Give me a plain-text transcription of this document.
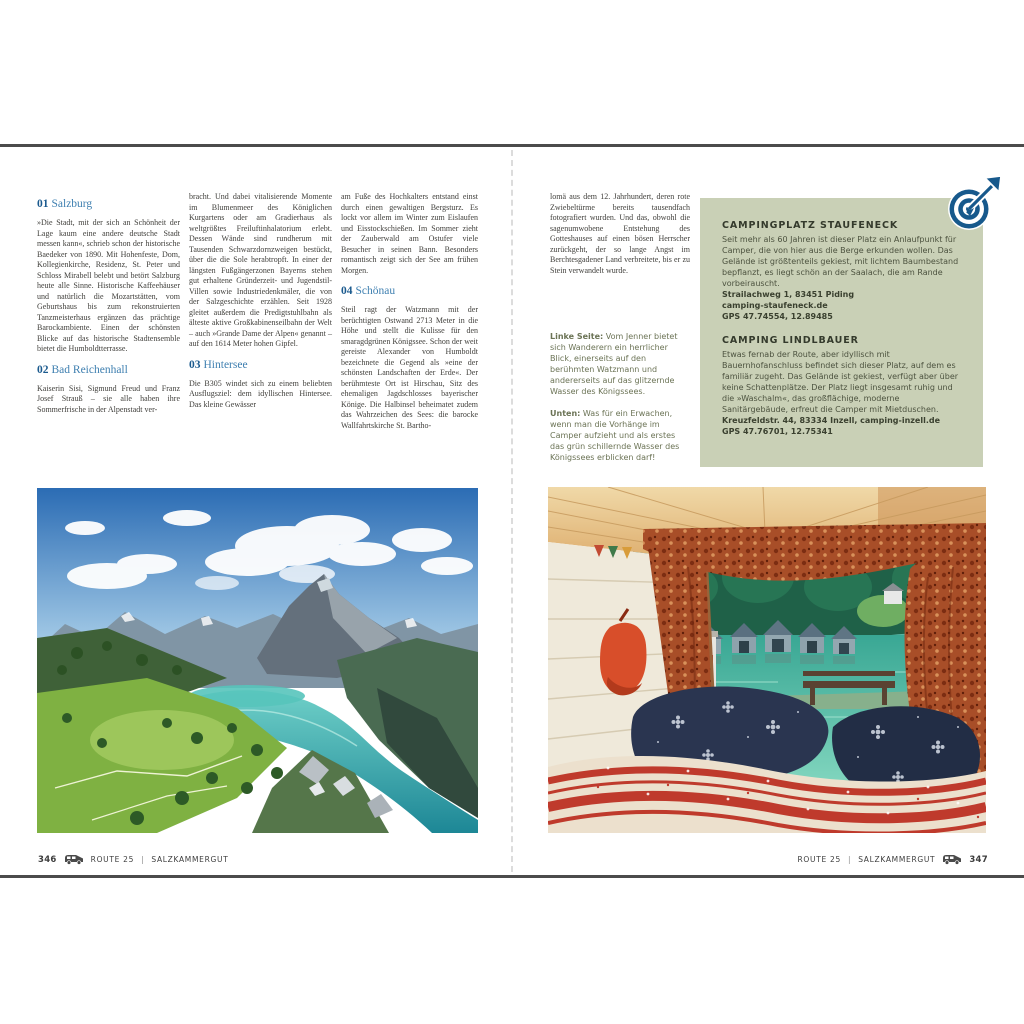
01 Salzburg

»Die Stadt, mit der sich an Schönheit der Lage kaum eine andere deutsche Stadt messen kann«, schrieb schon der historische Baedeker von 1890. Mit Hohenfeste, Dom, Kollegienkirche, Residenz, St. Peter und Schloss Mirabell belebt und betört Salzburg heute alle Sinne. Historische Kaffeehäuser und natürlich die Mozartstätten, vom Geburtshaus bis zum rekonstruierten Tanzmeisterhaus ergänzen das prächtige Barockambiente. Einen der schönsten Blicke auf das historische Stadtensemble bietet die Humboldtterrasse.

02 Bad Reichenhall

Kaiserin Sisi, Sigmund Freud und Franz Josef Strauß – sie alle haben ihre Sommerfrische in der Alpenstadt ver-

bracht. Und dabei vitalisierende Momente im Blumenmeer des Königlichen Kurgartens oder am Gradierhaus als weltgrößtes Freiluftinhalatorium erlebt. Dessen Wände sind rundherum mit Tausenden Schwarzdornzweigen bestückt, über die die Sole herabtropft. In einer der längsten Fußgängerzonen Bayerns stehen gut erhaltene Gründerzeit- und Jugendstil-Villen sowie Industriedenkmäler, die von der Salzgeschichte erzählen. Seit 1928 gleitet außerdem die Predigtstuhlbahn als älteste aktive Großkabinenseilbahn der Welt – auch »Grande Dame der Alpen« genannt – auf den 1614 Meter hohen Gipfel.

03 Hintersee

Die B305 windet sich zu einem beliebten Ausflugsziel: dem idyllischen Hintersee. Das kleine Gewässer

am Fuße des Hochkalters entstand einst durch einen gewaltigen Bergsturz. Es lockt vor allem im Winter zum Eislaufen und Eisstockschießen. Im Sommer zieht der Zauberwald am Ostufer viele Besucher in seinen Bann. Besonders romantisch zeigt sich der See am frühen Morgen.

04 Schönau

Steil ragt der Watzmann mit der berüchtigten Ostwand 2713 Meter in die Höhe und stellt die Kulisse für den smaragdgrünen Königssee. Schon der weit gereiste Alexander von Humboldt bezeichnete die Gegend als »eine der schönsten Landschaften der Erde«. Der berühmteste Ort ist Hirschau, Sitz des ehemaligen Jagdschlosses bayerischer Könige. Die Halbinsel beheimatet zudem das Wahrzeichen des Sees: die barocke Wallfahrtskirche St. Bartho-

lomä aus dem 12. Jahrhundert, deren rote Zwiebeltürme bereits tausendfach fotografiert wurden. Und das, obwohl die sagenumwobene Entstehung des Gotteshauses auf einen bösen Herrscher zurückgeht, der so lange Angst im Berchtesgadener Land verbreitete, bis er zu Stein verwandelt wurde.

Linke Seite: Vom Jenner bietet sich Wanderern ein herrlicher Blick, einerseits auf den berühmten Watzmann und andererseits auf das glitzernde Wasser des Königssees.

Unten: Was für ein Erwachen, wenn man die Vorhänge im Camper aufzieht und als erstes das grün schillernde Wasser des Königssees erblicken darf!

CAMPINGPLATZ STAUFENECK

Seit mehr als 60 Jahren ist dieser Platz ein Anlaufpunkt für Camper, die von hier aus die Berge erkunden wollen. Das Gelände ist größtenteils gekiest, mit lichtem Baumbestand bepflanzt, es liegt schön an der Saalach, die am Rande vorbeirauscht.

Strailachweg 1, 83451 Piding

camping-staufeneck.de

GPS 47.74554, 12.89485

CAMPING LINDLBAUER

Etwas fernab der Route, aber idyllisch mit Bauernhofanschluss befindet sich dieser Platz, auf dem es familiär zugeht. Das Gelände ist gekiest, verfügt aber über keine Schattenplätze. Der Platz liegt insgesamt ruhig und die »Waschalm«, das großflächige, moderne Sanitärgebäude, erfreut die Camper mit Mietduschen.

Kreuzfeldstr. 44, 83334 Inzell, camping-inzell.de

GPS 47.76701, 12.75341

346	ROUTE 25 | SALZKAMMERGUT	ROUTE 25 | SALZKAMMERGUT	347
